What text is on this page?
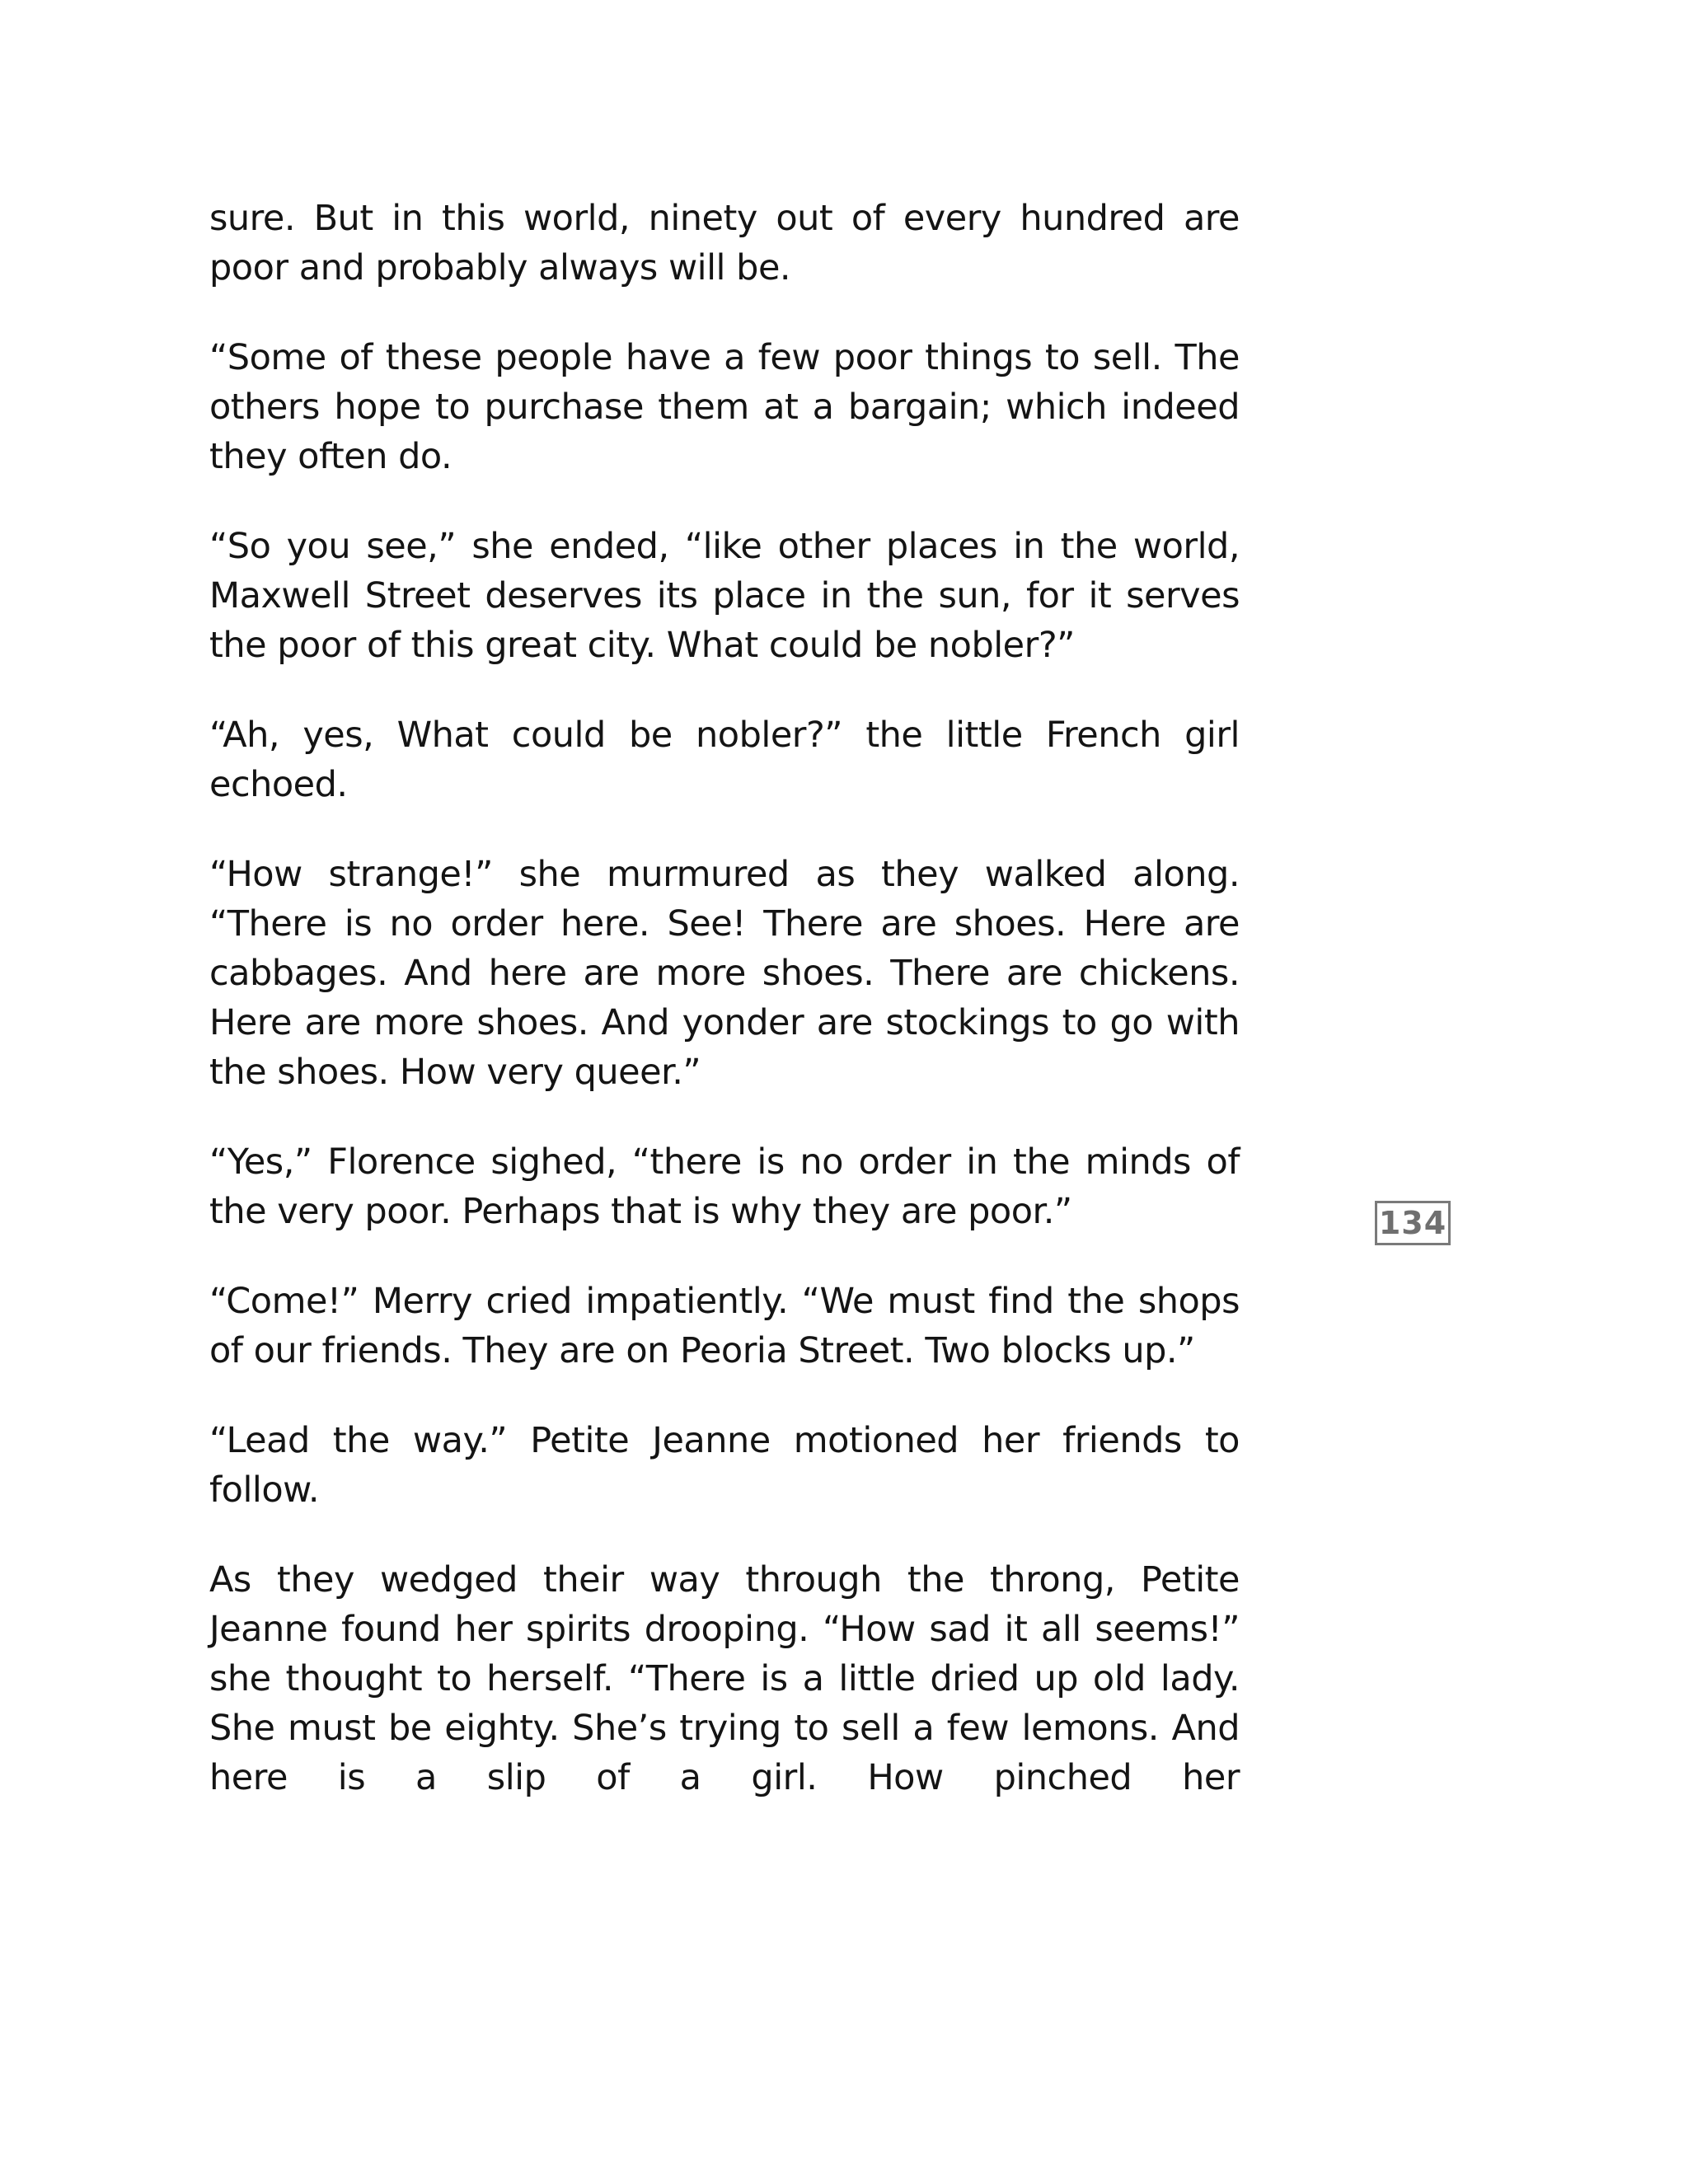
sure. But in this world, ninety out of every hundred are poor and probably always will be.

“Some of these people have a few poor things to sell. The others hope to purchase them at a bargain; which indeed they often do.

“So you see,” she ended, “like other places in the world, Maxwell Street deserves its place in the sun, for it serves the poor of this great city. What could be nobler?”

“Ah, yes, What could be nobler?” the little French girl echoed.

“How strange!” she murmured as they walked along. “There is no order here. See! There are shoes. Here are cabbages. And here are more shoes. There are chickens. Here are more shoes. And yonder are stockings to go with the shoes. How very queer.”

“Yes,” Florence sighed, “there is no order in the minds of the very poor. Perhaps that is why they are poor.”

“Come!” Merry cried impatiently. “We must find the shops of our friends. They are on Peoria Street. Two blocks up.”

“Lead the way.” Petite Jeanne motioned her friends to follow.

As they wedged their way through the throng, Petite Jeanne found her spirits drooping. “How sad it all seems!” she thought to herself. “There is a little dried up old lady. She must be eighty. She’s trying to sell a few lemons. And here is a slip of a girl. How pinched her

134
